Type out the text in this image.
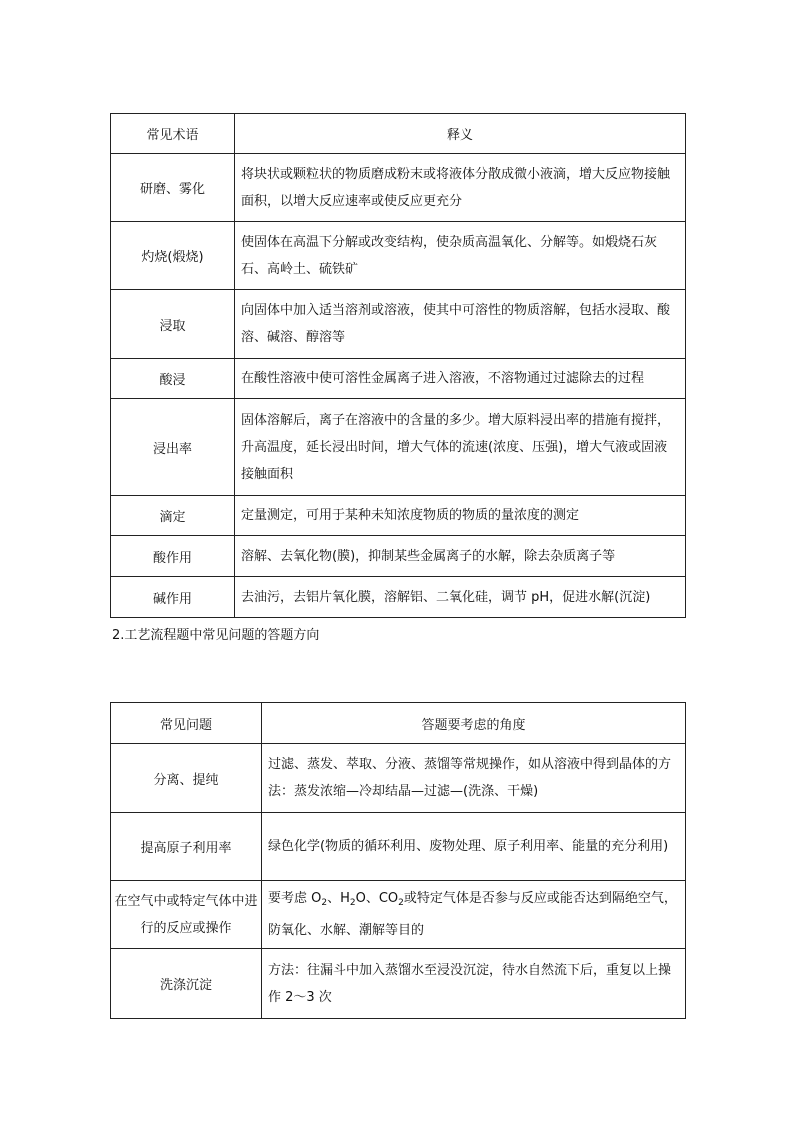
常见术语	释义
研磨、雾化	将块状或颗粒状的物质磨成粉末或将液体分散成微小液滴，增大反应物接触面积，以增大反应速率或使反应更充分
灼烧(煅烧)	使固体在高温下分解或改变结构，使杂质高温氧化、分解等。如煅烧石灰石、高岭土、硫铁矿
浸取	向固体中加入适当溶剂或溶液，使其中可溶性的物质溶解，包括水浸取、酸溶、碱溶、醇溶等
酸浸	在酸性溶液中使可溶性金属离子进入溶液，不溶物通过过滤除去的过程
浸出率	固体溶解后，离子在溶液中的含量的多少。增大原料浸出率的措施有搅拌，升高温度，延长浸出时间，增大气体的流速(浓度、压强)，增大气液或固液接触面积
滴定	定量测定，可用于某种未知浓度物质的物质的量浓度的测定
酸作用	溶解、去氧化物(膜)，抑制某些金属离子的水解，除去杂质离子等
碱作用	去油污，去铝片氧化膜，溶解铝、二氧化硅，调节 pH，促进水解(沉淀)
2.工艺流程题中常见问题的答题方向
常见问题	答题要考虑的角度
分离、提纯	过滤、蒸发、萃取、分液、蒸馏等常规操作，如从溶液中得到晶体的方法：蒸发浓缩—冷却结晶—过滤—(洗涤、干燥)
提高原子利用率	绿色化学(物质的循环利用、废物处理、原子利用率、能量的充分利用)
在空气中或特定气体中进行的反应或操作	要考虑 $O_2$、$H_2O$、$CO_2$或特定气体是否参与反应或能否达到隔绝空气，防氧化、水解、潮解等目的
洗涤沉淀	方法：往漏斗中加入蒸馏水至浸没沉淀，待水自然流下后，重复以上操作 2～3 次
